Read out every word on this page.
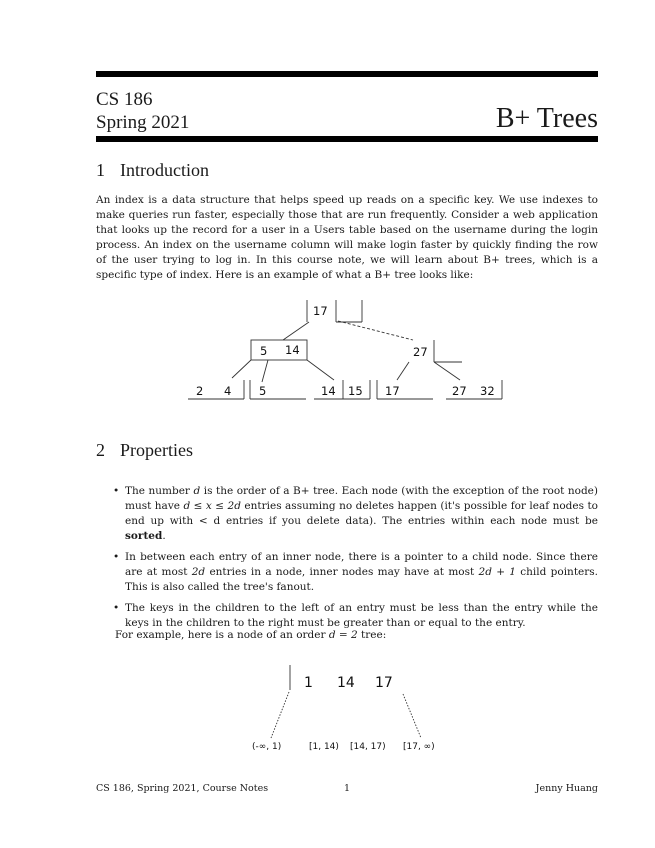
CS 186
Spring 2021	B+ Trees
1 Introduction
An index is a data structure that helps speed up reads on a specific key. We use indexes to make queries run faster, especially those that are run frequently. Consider a web application that looks up the record for a user in a Users table based on the username during the login process. An index on the username column will make login faster by quickly finding the row of the user trying to log in. In this course note, we will learn about B+ trees, which is a specific type of index. Here is an example of what a B+ tree looks like:
17
5 14	27
2 4 5	14 15 17	27 32
2 Properties
• The number d is the order of a B+ tree. Each node (with the exception of the root node) must have d ≤ x ≤ 2d entries assuming no deletes happen (it's possible for leaf nodes to end up with < d entries if you delete data). The entries within each node must be sorted.
• In between each entry of an inner node, there is a pointer to a child node. Since there are at most 2d entries in a node, inner nodes may have at most 2d + 1 child pointers. This is also called the tree's fanout.
• The keys in the children to the left of an entry must be less than the entry while the keys in the children to the right must be greater than or equal to the entry.
For example, here is a node of an order d = 2 tree:
1 14 17
(-∞, 1)	[1, 14) [14, 17) [17, ∞)
CS 186, Spring 2021, Course Notes	1	Jenny Huang
